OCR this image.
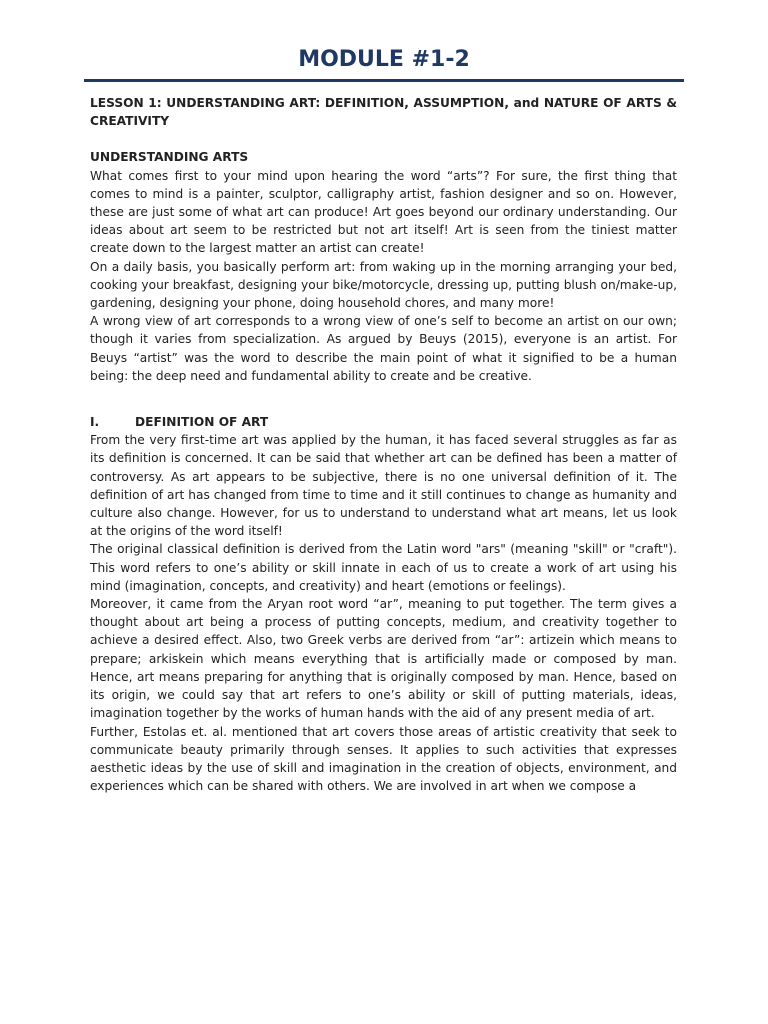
MODULE #1-2

LESSON 1: UNDERSTANDING ART: DEFINITION, ASSUMPTION, and NATURE OF ARTS & CREATIVITY

UNDERSTANDING ARTS

What comes first to your mind upon hearing the word “arts”? For sure, the first thing that comes to mind is a painter, sculptor, calligraphy artist, fashion designer and so on. However, these are just some of what art can produce! Art goes beyond our ordinary understanding. Our ideas about art seem to be restricted but not art itself! Art is seen from the tiniest matter create down to the largest matter an artist can create!

On a daily basis, you basically perform art: from waking up in the morning arranging your bed, cooking your breakfast, designing your bike/motorcycle, dressing up, putting blush on/make-up, gardening, designing your phone, doing household chores, and many more!

A wrong view of art corresponds to a wrong view of one’s self to become an artist on our own; though it varies from specialization. As argued by Beuys (2015), everyone is an artist. For Beuys “artist” was the word to describe the main point of what it signified to be a human being: the deep need and fundamental ability to create and be creative.

I.	DEFINITION OF ART

From the very first-time art was applied by the human, it has faced several struggles as far as its definition is concerned. It can be said that whether art can be defined has been a matter of controversy. As art appears to be subjective, there is no one universal definition of it. The definition of art has changed from time to time and it still continues to change as humanity and culture also change. However, for us to understand to understand what art means, let us look at the origins of the word itself!

The original classical definition is derived from the Latin word "ars" (meaning "skill" or "craft"). This word refers to one’s ability or skill innate in each of us to create a work of art using his mind (imagination, concepts, and creativity) and heart (emotions or feelings).

Moreover, it came from the Aryan root word “ar”, meaning to put together. The term gives a thought about art being a process of putting concepts, medium, and creativity together to achieve a desired effect. Also, two Greek verbs are derived from “ar”: artizein which means to prepare; arkiskein which means everything that is artificially made or composed by man. Hence, art means preparing for anything that is originally composed by man. Hence, based on its origin, we could say that art refers to one’s ability or skill of putting materials, ideas, imagination together by the works of human hands with the aid of any present media of art.

Further, Estolas et. al. mentioned that art covers those areas of artistic creativity that seek to communicate beauty primarily through senses. It applies to such activities that expresses aesthetic ideas by the use of skill and imagination in the creation of objects, environment, and experiences which can be shared with others. We are involved in art when we compose a
